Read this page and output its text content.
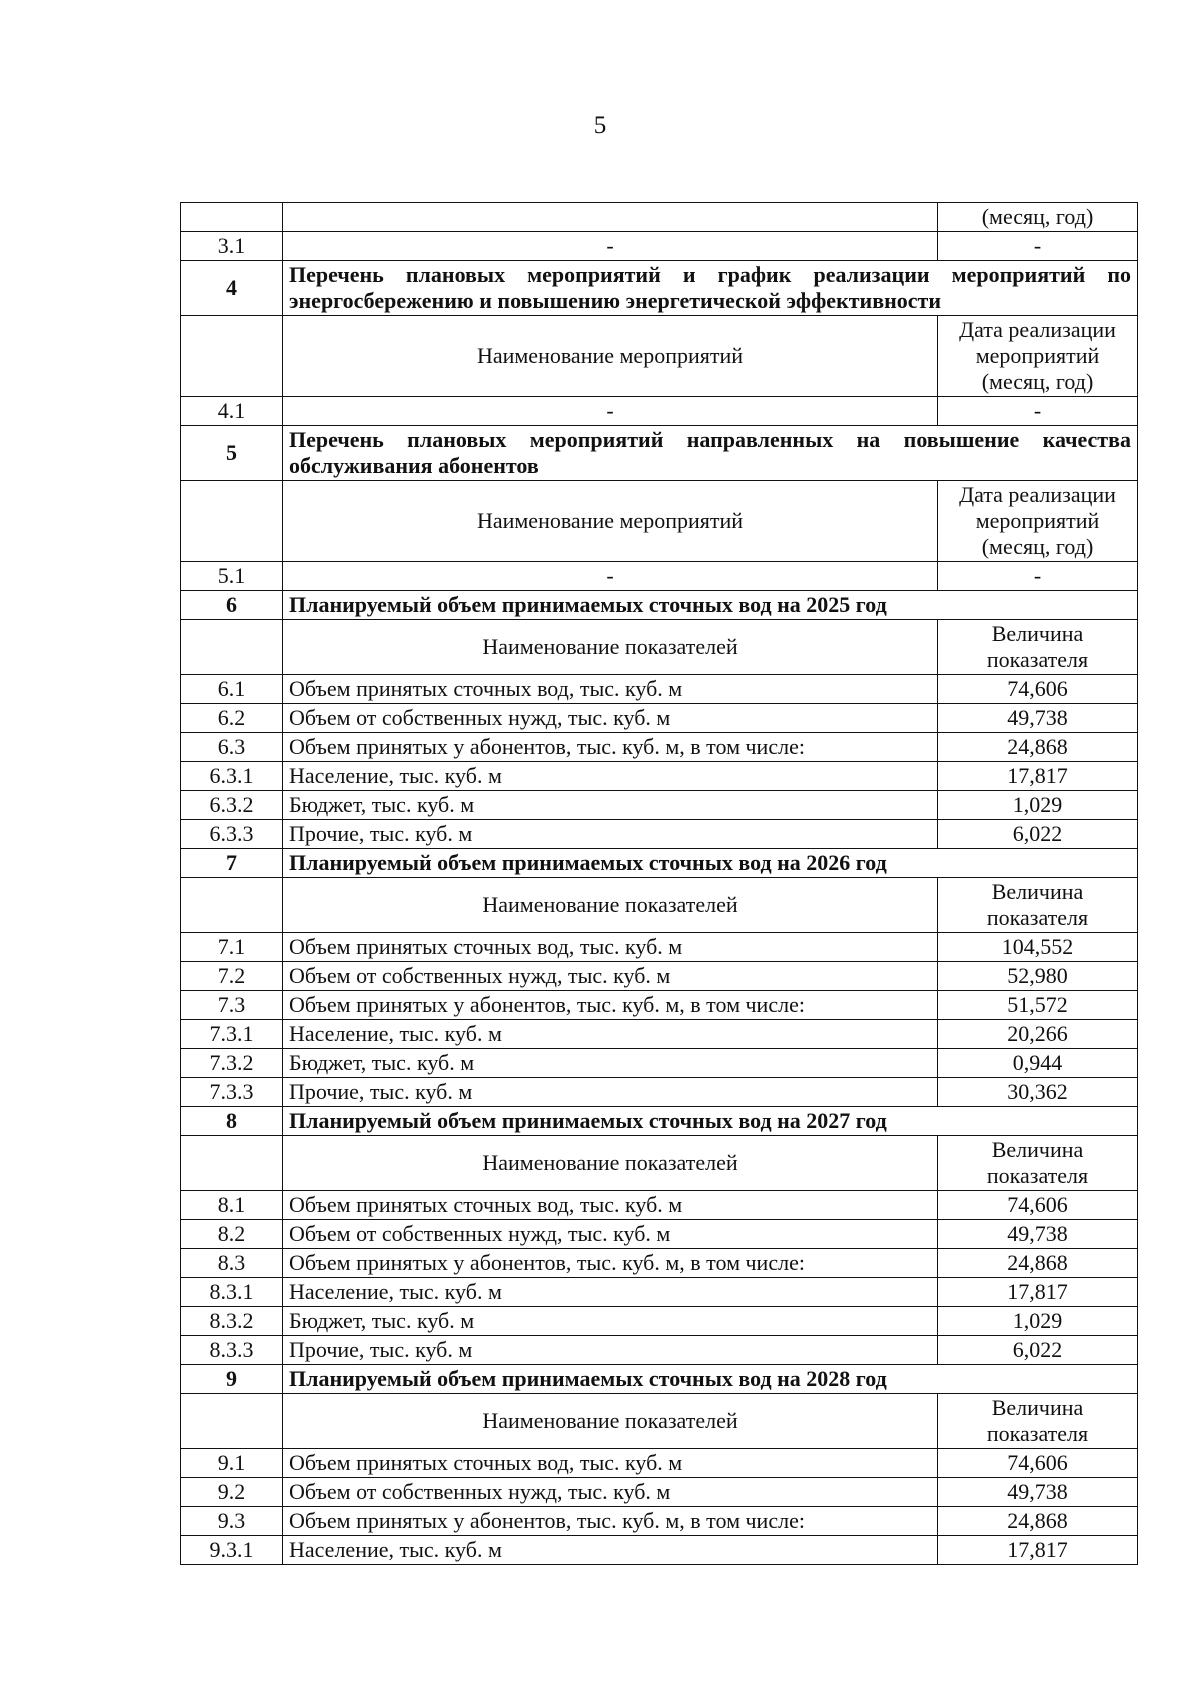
5
		(месяц, год)
3.1	-	-
4	Перечень плановых мероприятий и график реализации мероприятий по энергосбережению и повышению энергетической эффективности	
	Наименование мероприятий	Дата реализации мероприятий (месяц, год)
4.1	-	-
5	Перечень плановых мероприятий направленных на повышение качества обслуживания абонентов	
	Наименование мероприятий	Дата реализации мероприятий (месяц, год)
5.1	-	-
6	Планируемый объем принимаемых сточных вод на 2025 год	
	Наименование показателей	Величина показателя
6.1	Объем принятых сточных вод, тыс. куб. м	74,606
6.2	Объем от собственных нужд, тыс. куб. м	49,738
6.3	Объем принятых у абонентов, тыс. куб. м, в том числе:	24,868
6.3.1	Население, тыс. куб. м	17,817
6.3.2	Бюджет, тыс. куб. м	1,029
6.3.3	Прочие, тыс. куб. м	6,022
7	Планируемый объем принимаемых сточных вод на 2026 год	
	Наименование показателей	Величина показателя
7.1	Объем принятых сточных вод, тыс. куб. м	104,552
7.2	Объем от собственных нужд, тыс. куб. м	52,980
7.3	Объем принятых у абонентов, тыс. куб. м, в том числе:	51,572
7.3.1	Население, тыс. куб. м	20,266
7.3.2	Бюджет, тыс. куб. м	0,944
7.3.3	Прочие, тыс. куб. м	30,362
8	Планируемый объем принимаемых сточных вод на 2027 год	
	Наименование показателей	Величина показателя
8.1	Объем принятых сточных вод, тыс. куб. м	74,606
8.2	Объем от собственных нужд, тыс. куб. м	49,738
8.3	Объем принятых у абонентов, тыс. куб. м, в том числе:	24,868
8.3.1	Население, тыс. куб. м	17,817
8.3.2	Бюджет, тыс. куб. м	1,029
8.3.3	Прочие, тыс. куб. м	6,022
9	Планируемый объем принимаемых сточных вод на 2028 год	
	Наименование показателей	Величина показателя
9.1	Объем принятых сточных вод, тыс. куб. м	74,606
9.2	Объем от собственных нужд, тыс. куб. м	49,738
9.3	Объем принятых у абонентов, тыс. куб. м, в том числе:	24,868
9.3.1	Население, тыс. куб. м	17,817
